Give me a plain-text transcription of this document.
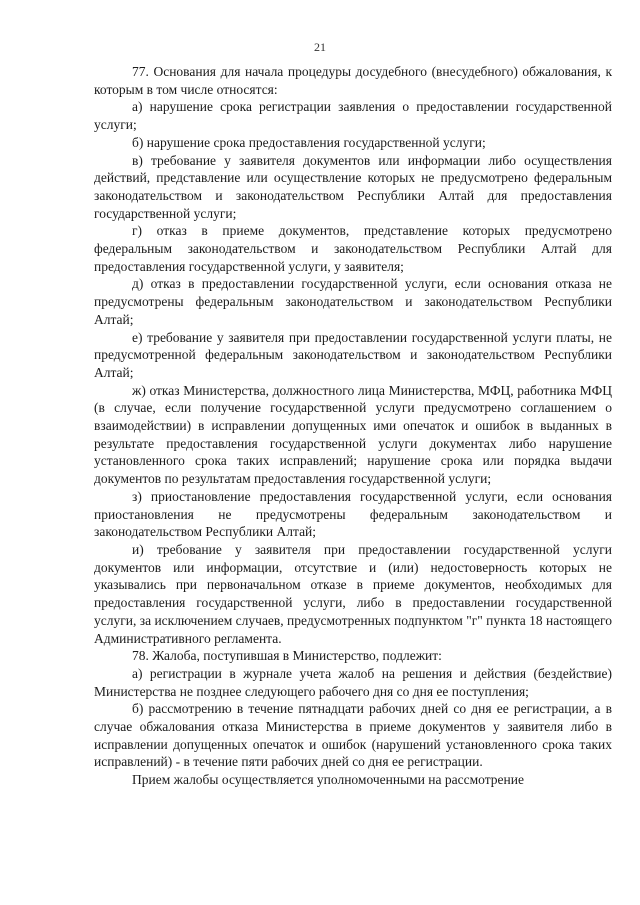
21

77. Основания для начала процедуры досудебного (внесудебного) обжалования, к которым в том числе относятся:

а) нарушение срока регистрации заявления о предоставлении государственной услуги;

б) нарушение срока предоставления государственной услуги;

в) требование у заявителя документов или информации либо осуществления действий, представление или осуществление которых не предусмотрено федеральным законодательством и законодательством Республики Алтай для предоставления государственной услуги;

г) отказ в приеме документов, представление которых предусмотрено федеральным законодательством и законодательством Республики Алтай для предоставления государственной услуги, у заявителя;

д) отказ в предоставлении государственной услуги, если основания отказа не предусмотрены федеральным законодательством и законодательством Республики Алтай;

е) требование у заявителя при предоставлении государственной услуги платы, не предусмотренной федеральным законодательством и законодательством Республики Алтай;

ж) отказ Министерства, должностного лица Министерства, МФЦ, работника МФЦ (в случае, если получение государственной услуги предусмотрено соглашением о взаимодействии) в исправлении допущенных ими опечаток и ошибок в выданных в результате предоставления государственной услуги документах либо нарушение установленного срока таких исправлений; нарушение срока или порядка выдачи документов по результатам предоставления государственной услуги;

з) приостановление предоставления государственной услуги, если основания приостановления не предусмотрены федеральным законодательством и законодательством Республики Алтай;

и) требование у заявителя при предоставлении государственной услуги документов или информации, отсутствие и (или) недостоверность которых не указывались при первоначальном отказе в приеме документов, необходимых для предоставления государственной услуги, либо в предоставлении государственной услуги, за исключением случаев, предусмотренных подпунктом "г" пункта 18 настоящего Административного регламента.

78. Жалоба, поступившая в Министерство, подлежит:

а) регистрации в журнале учета жалоб на решения и действия (бездействие) Министерства не позднее следующего рабочего дня со дня ее поступления;

б) рассмотрению в течение пятнадцати рабочих дней со дня ее регистрации, а в случае обжалования отказа Министерства в приеме документов у заявителя либо в исправлении допущенных опечаток и ошибок (нарушений установленного срока таких исправлений) - в течение пяти рабочих дней со дня ее регистрации.

Прием жалобы осуществляется уполномоченными на рассмотрение
